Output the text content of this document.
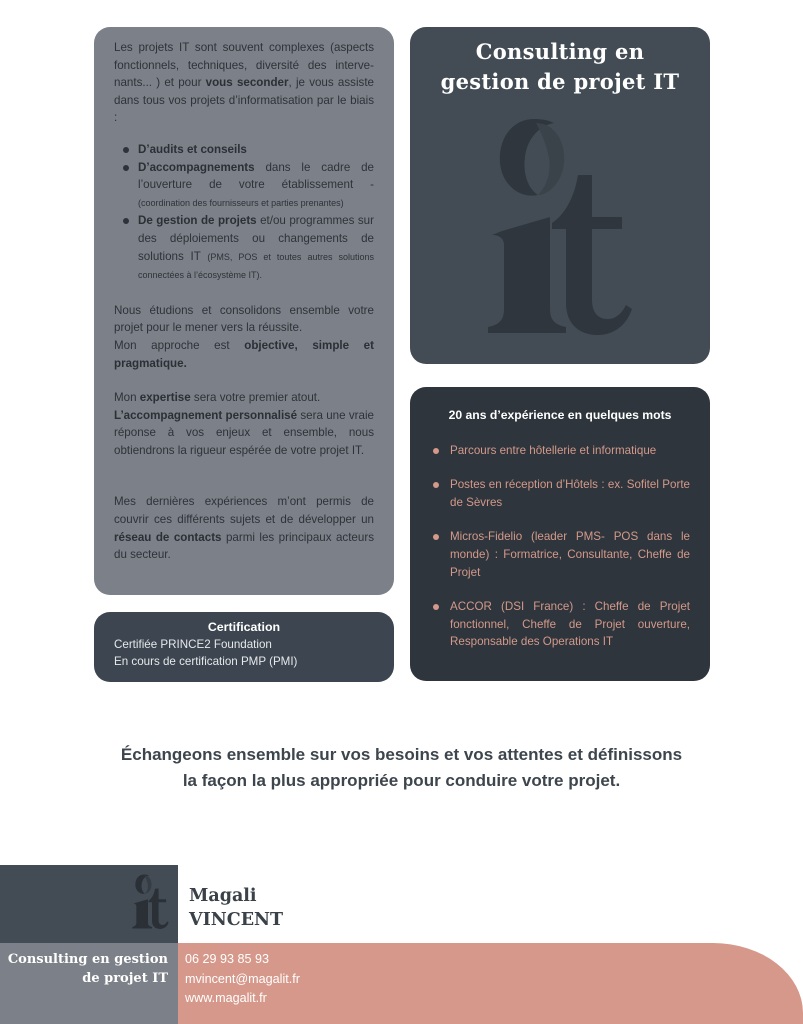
Les projets IT sont souvent complexes (aspects fonctionnels, techniques, diversité des intervenants... ) et pour vous seconder, je vous assiste dans tous vos projets d’informatisation par le biais :

D’audits et conseils
D’accompagnements dans le cadre de l’ouverture de votre établissement - (coordination des fournisseurs et parties prenantes)
De gestion de projets et/ou programmes sur des déploiements ou changements de solutions IT (PMS, POS et toutes autres solutions connectées à l’écosystème IT).

Nous étudions et consolidons ensemble votre projet pour le mener vers la réussite.

Mon approche est objective, simple et pragmatique.

Mon expertise sera votre premier atout.
L’accompagnement personnalisé sera une vraie réponse à vos enjeux et ensemble, nous obtiendrons la rigueur espérée de votre projet IT.

Mes dernières expériences m’ont permis de couvrir ces différents sujets et de développer un réseau de contacts parmi les principaux acteurs du secteur.

Certification
Certifiée PRINCE2 Foundation
En cours de certification PMP (PMI)
Consulting en
gestion de projet IT
20 ans d’expérience en quelques mots
Parcours entre hôtellerie et informatique
Postes en réception d’Hôtels : ex. Sofitel Porte de Sèvres
Micros-Fidelio (leader PMS- POS dans le monde) : Formatrice, Consultante, Cheffe de Projet
ACCOR (DSI France) : Cheffe de Projet fonctionnel, Cheffe de Projet ouverture, Responsable des Operations IT
Échangeons ensemble sur vos besoins et vos attentes et définissons
la façon la plus appropriée pour conduire votre projet.
Magali
VINCENT
Consulting en gestion
de projet IT
06 29 93 85 93
mvincent@magalit.fr
www.magalit.fr
